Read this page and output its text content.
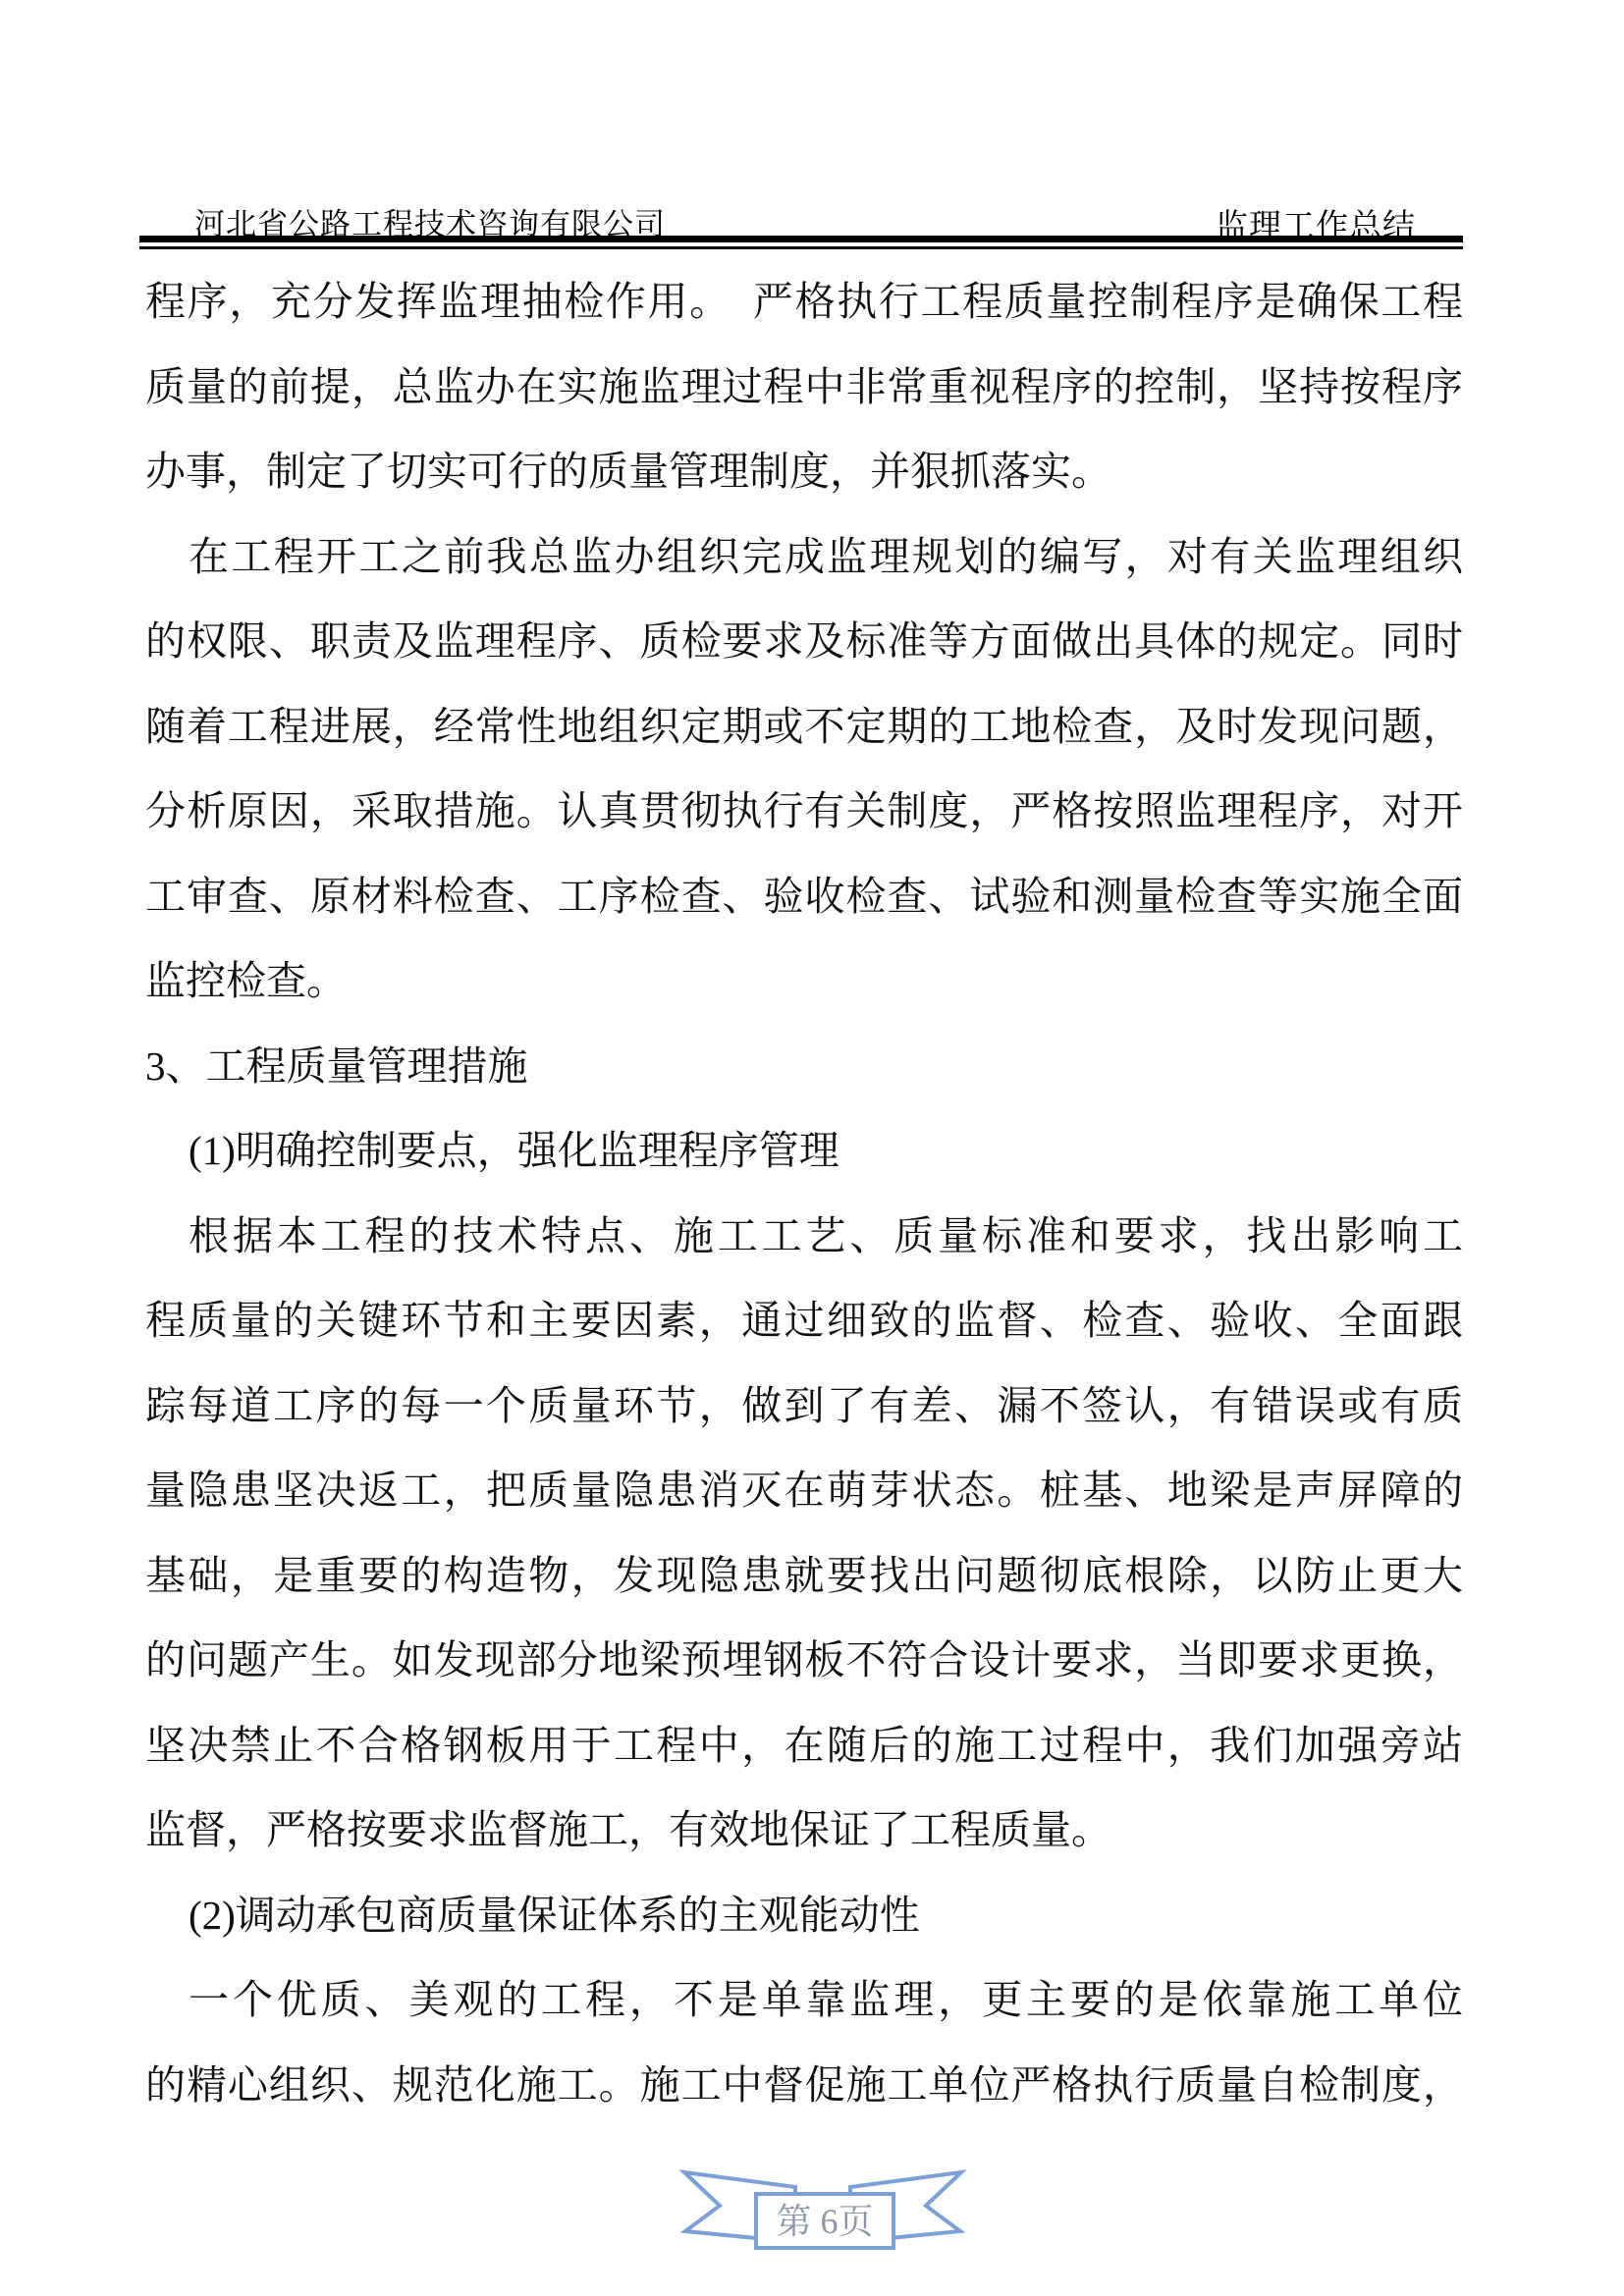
河北省公路工程技术咨询有限公司	监理工作总结
程序，充分发挥监理抽检作用。　严格执行工程质量控制程序是确保工程
质量的前提，总监办在实施监理过程中非常重视程序的控制，坚持按程序
办事，制定了切实可行的质量管理制度，并狠抓落实。
在工程开工之前我总监办组织完成监理规划的编写，对有关监理组织
的权限、职责及监理程序、质检要求及标准等方面做出具体的规定。同时
随着工程进展，经常性地组织定期或不定期的工地检查，及时发现问题，
分析原因，采取措施。认真贯彻执行有关制度，严格按照监理程序，对开
工审查、原材料检查、工序检查、验收检查、试验和测量检查等实施全面
监控检查。
3、工程质量管理措施
(1)明确控制要点，强化监理程序管理
根据本工程的技术特点、施工工艺、质量标准和要求，找出影响工
程质量的关键环节和主要因素，通过细致的监督、检查、验收、全面跟
踪每道工序的每一个质量环节，做到了有差、漏不签认，有错误或有质
量隐患坚决返工，把质量隐患消灭在萌芽状态。桩基、地梁是声屏障的
基础，是重要的构造物，发现隐患就要找出问题彻底根除，以防止更大
的问题产生。如发现部分地梁预埋钢板不符合设计要求，当即要求更换，
坚决禁止不合格钢板用于工程中，在随后的施工过程中，我们加强旁站
监督，严格按要求监督施工，有效地保证了工程质量。
(2)调动承包商质量保证体系的主观能动性
一个优质、美观的工程，不是单靠监理，更主要的是依靠施工单位
的精心组织、规范化施工。施工中督促施工单位严格执行质量自检制度，
第 6页
